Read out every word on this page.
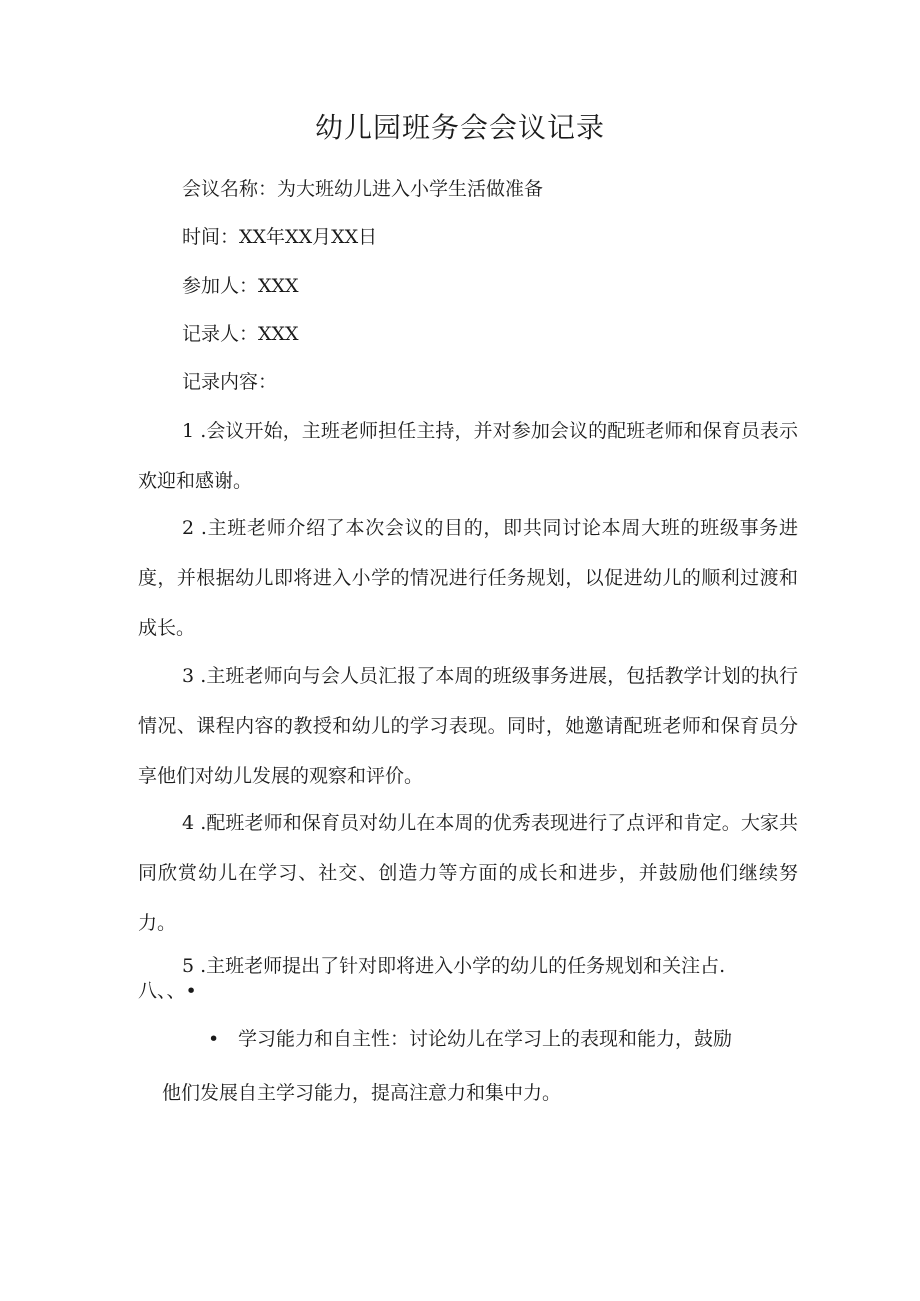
幼儿园班务会会议记录
会议名称：为大班幼儿进入小学生活做准备
时间：XX年XX月XX日
参加人：XXX
记录人：XXX
记录内容：

1 .会议开始，主班老师担任主持，并对参加会议的配班老师和保育员表示欢迎和感谢。

2 .主班老师介绍了本次会议的目的，即共同讨论本周大班的班级事务进度，并根据幼儿即将进入小学的情况进行任务规划，以促进幼儿的顺利过渡和成长。

3 .主班老师向与会人员汇报了本周的班级事务进展，包括教学计划的执行情况、课程内容的教授和幼儿的学习表现。同时，她邀请配班老师和保育员分享他们对幼儿发展的观察和评价。

4 .配班老师和保育员对幼儿在本周的优秀表现进行了点评和肯定。大家共同欣赏幼儿在学习、社交、创造力等方面的成长和进步，并鼓励他们继续努力。

5 .主班老师提出了针对即将进入小学的幼儿的任务规划和关注占.

八、、•
• 学习能力和自主性：讨论幼儿在学习上的表现和能力，鼓励
他们发展自主学习能力，提高注意力和集中力。
